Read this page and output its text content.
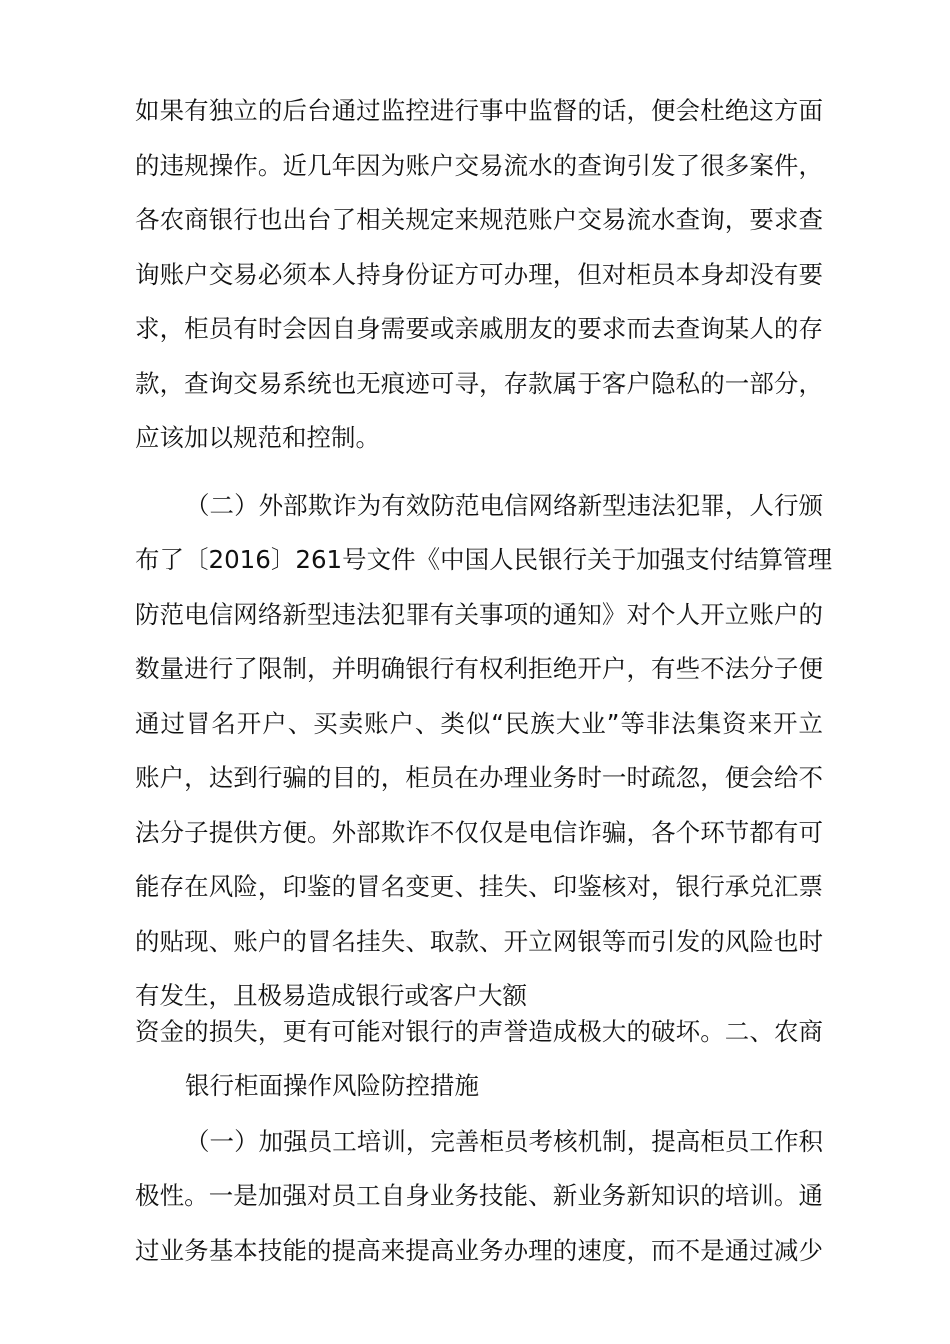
如果有独立的后台通过监控进行事中监督的话，便会杜绝这方面
的违规操作。近几年因为账户交易流水的查询引发了很多案件，
各农商银行也出台了相关规定来规范账户交易流水查询，要求查
询账户交易必须本人持身份证方可办理，但对柜员本身却没有要
求，柜员有时会因自身需要或亲戚朋友的要求而去查询某人的存
款，查询交易系统也无痕迹可寻，存款属于客户隐私的一部分，
应该加以规范和控制。
（二）外部欺诈为有效防范电信网络新型违法犯罪，人行颁
布了〔2016〕261号文件《中国人民银行关于加强支付结算管理
防范电信网络新型违法犯罪有关事项的通知》对个人开立账户的
数量进行了限制，并明确银行有权利拒绝开户，有些不法分子便
通过冒名开户、买卖账户、类似“民族大业”等非法集资来开立
账户，达到行骗的目的，柜员在办理业务时一时疏忽，便会给不
法分子提供方便。外部欺诈不仅仅是电信诈骗，各个环节都有可
能存在风险，印鉴的冒名变更、挂失、印鉴核对，银行承兑汇票
的贴现、账户的冒名挂失、取款、开立网银等而引发的风险也时
有发生，且极易造成银行或客户大额
资金的损失，更有可能对银行的声誉造成极大的破坏。二、农商
银行柜面操作风险防控措施
（一）加强员工培训，完善柜员考核机制，提高柜员工作积
极性。一是加强对员工自身业务技能、新业务新知识的培训。通
过业务基本技能的提高来提高业务办理的速度，而不是通过减少
